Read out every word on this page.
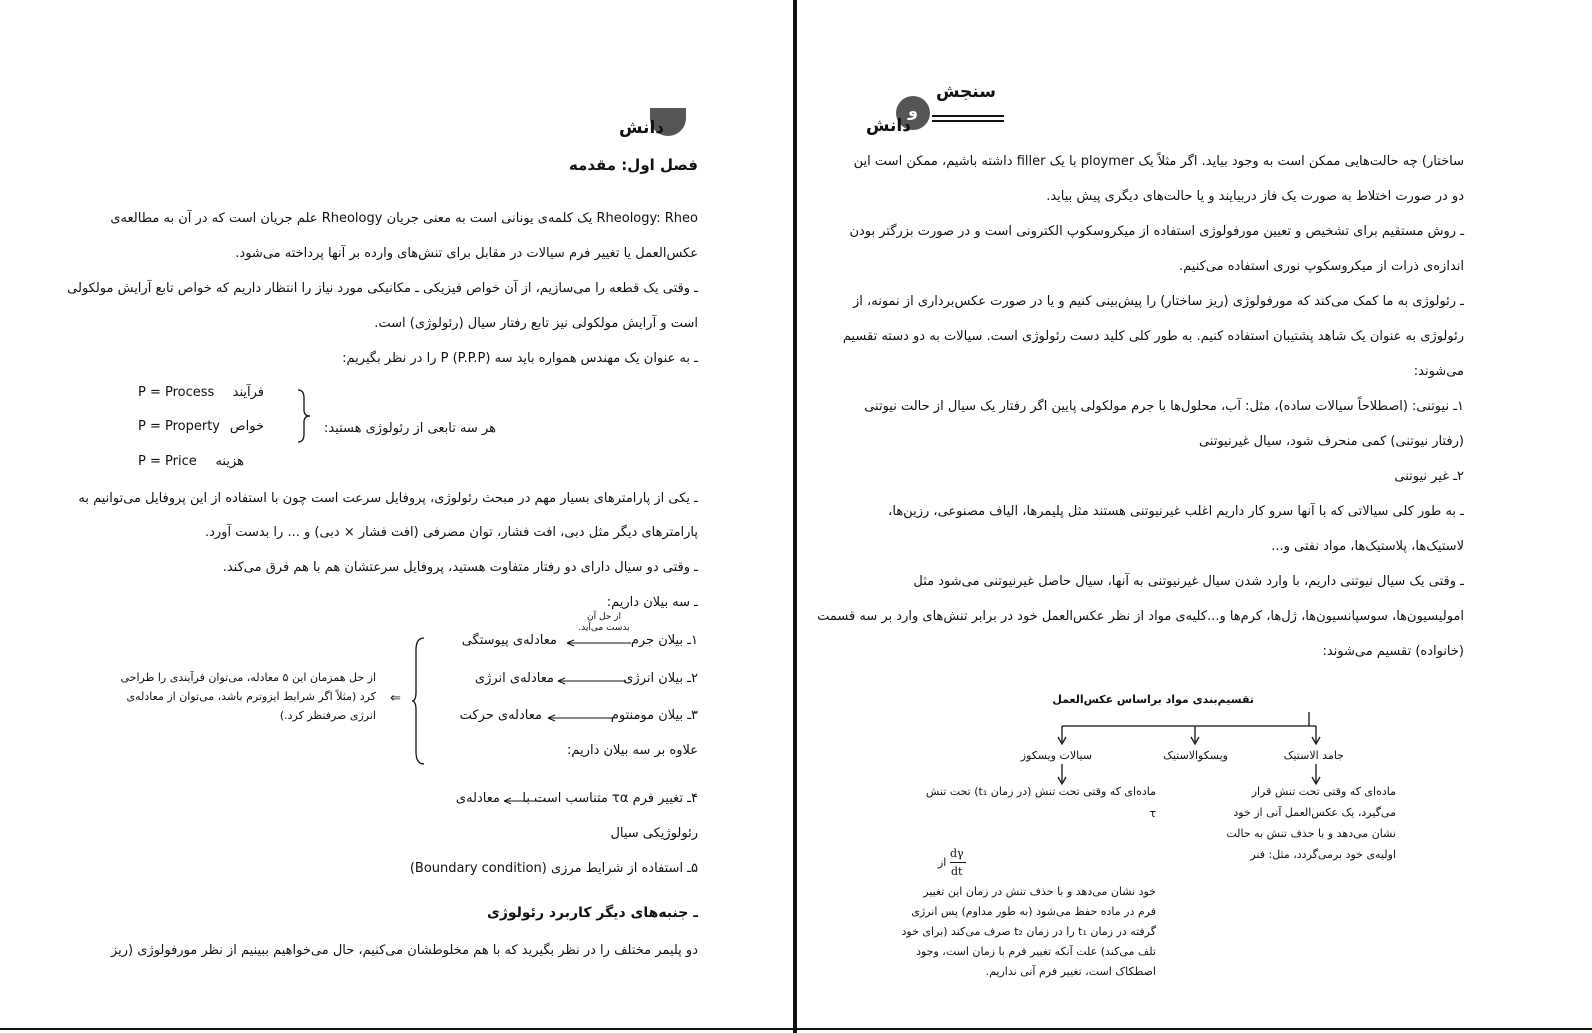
دانش
فصل اول: مقدمه
Rheology: Rheo یک کلمه‌ی یونانی است به معنی جریان Rheology علم جریان است که در آن به مطالعه‌ی
عکس‌العمل یا تغییر فرم سیالات در مقابل برای تنش‌های وارده بر آنها پرداخته می‌شود.
ـ وقتی یک قطعه را می‌سازیم، از آن خواص فیزیکی ـ مکانیکی مورد نیاز را انتظار داریم که خواص تابع آرایش مولکولی
است و آرایش مولکولی نیز تابع رفتار سیال (رئولوژی) است.
ـ به عنوان یک مهندس همواره باید سه P (P.P.P) را در نظر بگیریم:
P = Process فرآیند
P = Property خواص
P = Price هزینه
هر سه تابعی از رئولوژی هستید:
ـ یکی از پارامترهای بسیار مهم در مبحث رئولوژی، پروفایل سرعت است چون با استفاده از این پروفایل می‌توانیم به
پارامترهای دیگر مثل دبی، افت فشار، توان مصرفی (افت فشار × دبی) و ... را بدست آورد.
ـ وقتی دو سیال دارای دو رفتار متفاوت هستید، پروفایل سرعتشان هم با هم فرق می‌کند.
ـ سه بیلان داریم:
از حل آن بدست می‌آید.
۱ـ بیلان جرم
معادله‌ی پیوستگی
۲ـ بیلان انرژی
معادله‌ی انرژی
۳ـ بیلان مومنتوم
معادله‌ی حرکت
علاوه بر سه بیلان داریم:
⇐
از حل همزمان این ۵ معادله، می‌توان فرآیندی را طراحی
کرد (مثلاً اگر شرایط ایزوترم باشد، می‌توان از معادله‌ی
انرژی صرفنظر کرد.)
۴ـ تغییر فرم τα متناسب است با
معادله‌ی
رئولوژیکی سیال
۵ـ استفاده از شرایط مرزی (Boundary condition)
ـ جنبه‌های دیگر کاربرد رئولوژی
دو پلیمر مختلف را در نظر بگیرید که با هم مخلوطشان می‌کنیم، حال می‌خواهیم ببینیم از نظر مورفولوژی (ریز
سنجش
و
دانش
ساختار) چه حالت‌هایی ممکن است به وجود بیاید. اگر مثلاً یک ploymer با یک filler داشته باشیم، ممکن است این
دو در صورت اختلاط به صورت یک فاز دربیایند و یا حالت‌های دیگری پیش بیاید.
ـ روش مستقیم برای تشخیص و تعیین مورفولوژی استفاده از میکروسکوپ الکترونی است و در صورت بزرگتر بودن
اندازه‌ی ذرات از میکروسکوپ نوری استفاده می‌کنیم.
ـ رئولوژی به ما کمک می‌کند که مورفولوژی (ریز ساختار) را پیش‌بینی کنیم و یا در صورت عکس‌برداری از نمونه، از
رئولوژی به عنوان یک شاهد پشتیبان استفاده کنیم. به طور کلی کلید دست رئولوژی است. سیالات به دو دسته تقسیم
می‌شوند:
۱ـ نیوتنی: (اصطلاحاً سیالات ساده)، مثل: آب، محلول‌ها با جرم مولکولی پایین اگر رفتار یک سیال از حالت نیوتنی
(رفتار نیوتنی) کمی منحرف شود، سیال غیرنیوتنی
۲ـ غیر نیوتنی
ـ به طور کلی سیالاتی که با آنها سرو کار داریم اغلب غیرنیوتنی هستند مثل پلیمرها، الیاف مصنوعی، رزین‌ها،
لاستیک‌ها، پلاستیک‌ها، مواد نفتی و...
ـ وقتی یک سیال نیوتنی داریم، با وارد شدن سیال غیرنیوتنی به آنها، سیال حاصل غیرنیوتنی می‌شود مثل
امولیسیون‌ها، سوسپانسیون‌ها، ژل‌ها، کرم‌ها و...کلیه‌ی مواد از نظر عکس‌العمل خود در برابر تنش‌های وارد بر سه قسمت
(خانواده) تقسیم می‌شوند:
تقسیم‌بندی مواد براساس عکس‌العمل
سیالات ویسکوز	ویسکوالاستیک	جامد الاستیک
ماده‌ای که وقتی تحت تنش قرار
می‌گیرد، یک عکس‌العمل آنی از خود
نشان می‌دهد و با حذف تنش به حالت
اولیه‌ی خود برمی‌گردد، مثل: فنر
ماده‌ای که وقتی تحت تنش (در زمان t₁) تحت تنش
τ
از
dγ
dt
خود نشان می‌دهد و با حذف تنش در زمان این تغییر
فرم در ماده حفظ می‌شود (به طور مداوم) پس انرژی
گرفته در زمان t₁ را در زمان t₂ صرف می‌کند (برای خود
تلف می‌کند) علت آنکه تغییر فرم با زمان است، وجود
اصطکاک است، تغییر فرم آنی نداریم.
